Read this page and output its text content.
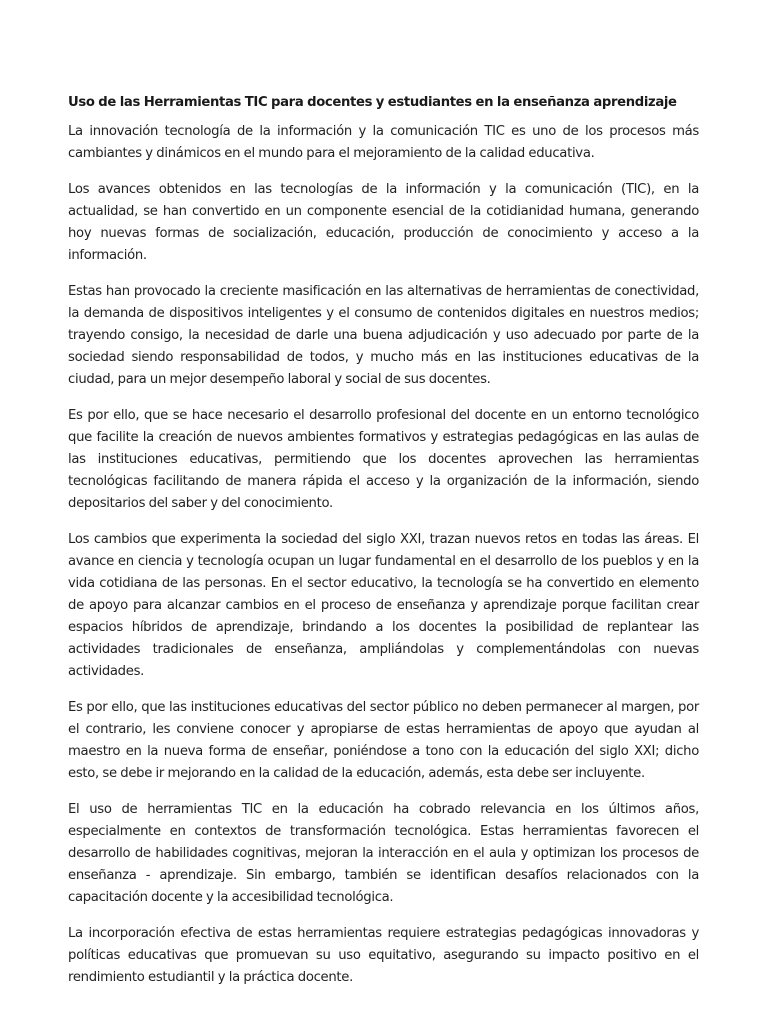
Uso de las Herramientas TIC para docentes y estudiantes en la enseñanza aprendizaje

La innovación tecnología de la información y la comunicación TIC es uno de los procesos más cambiantes y dinámicos en el mundo para el mejoramiento de la calidad educativa.

Los avances obtenidos en las tecnologías de la información y la comunicación (TIC), en la actualidad, se han convertido en un componente esencial de la cotidianidad humana, generando hoy nuevas formas de socialización, educación, producción de conocimiento y acceso a la información.

Estas han provocado la creciente masificación en las alternativas de herramientas de conectividad, la demanda de dispositivos inteligentes y el consumo de contenidos digitales en nuestros medios; trayendo consigo, la necesidad de darle una buena adjudicación y uso adecuado por parte de la sociedad siendo responsabilidad de todos, y mucho más en las instituciones educativas de la ciudad, para un mejor desempeño laboral y social de sus docentes.

Es por ello, que se hace necesario el desarrollo profesional del docente en un entorno tecnológico que facilite la creación de nuevos ambientes formativos y estrategias pedagógicas en las aulas de las instituciones educativas, permitiendo que los docentes aprovechen las herramientas tecnológicas facilitando de manera rápida el acceso y la organización de la información, siendo depositarios del saber y del conocimiento.

Los cambios que experimenta la sociedad del siglo XXI, trazan nuevos retos en todas las áreas. El avance en ciencia y tecnología ocupan un lugar fundamental en el desarrollo de los pueblos y en la vida cotidiana de las personas. En el sector educativo, la tecnología se ha convertido en elemento de apoyo para alcanzar cambios en el proceso de enseñanza y aprendizaje porque facilitan crear espacios híbridos de aprendizaje, brindando a los docentes la posibilidad de replantear las actividades tradicionales de enseñanza, ampliándolas y complementándolas con nuevas actividades.

Es por ello, que las instituciones educativas del sector público no deben permanecer al margen, por el contrario, les conviene conocer y apropiarse de estas herramientas de apoyo que ayudan al maestro en la nueva forma de enseñar, poniéndose a tono con la educación del siglo XXI; dicho esto, se debe ir mejorando en la calidad de la educación, además, esta debe ser incluyente.

El uso de herramientas TIC en la educación ha cobrado relevancia en los últimos años, especialmente en contextos de transformación tecnológica. Estas herramientas favorecen el desarrollo de habilidades cognitivas, mejoran la interacción en el aula y optimizan los procesos de enseñanza - aprendizaje. Sin embargo, también se identifican desafíos relacionados con la capacitación docente y la accesibilidad tecnológica.

La incorporación efectiva de estas herramientas requiere estrategias pedagógicas innovadoras y políticas educativas que promuevan su uso equitativo, asegurando su impacto positivo en el rendimiento estudiantil y la práctica docente.
